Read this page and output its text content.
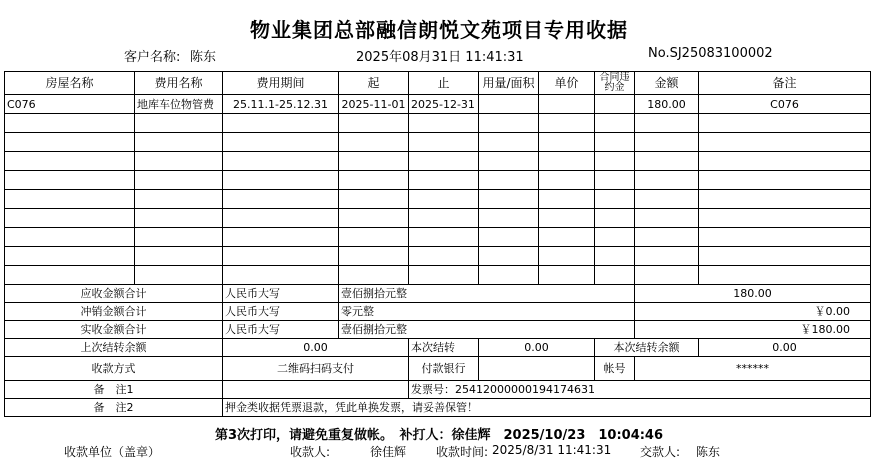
物业集团总部融信朗悦文苑项目专用收据
客户名称: 陈东	2025年08月31日 11:41:31	No.SJ25083100002
房屋名称	费用名称	费用期间	起	止	用量/面积	单价	合同违约金	金额	备注
C076	地库车位物管费	25.11.1-25.12.31	2025-11-01	2025-12-31				180.00	C076

应收金额合计		人民币大写	壹佰捌拾元整					180.00	
冲销金额合计		人民币大写	零元整					￥0.00	
实收金额合计		人民币大写	壹佰捌拾元整					￥180.00	
上次结转余额		0.00		本次结转	0.00		本次结转余额		0.00
收款方式		二维码扫码支付		付款银行			帐号	******	
备　注1				发票号：25412000000194174631					
备　注2		押金类收据凭票退款，凭此单换发票，请妥善保管！							
第3次打印，请避免重复做帐。　补打人：徐佳辉　2025/10/23　10:04:46
收款单位（盖章）	收款人:	徐佳辉 收款时间: 2025/8/31 11:41:31 交款人: 陈东
